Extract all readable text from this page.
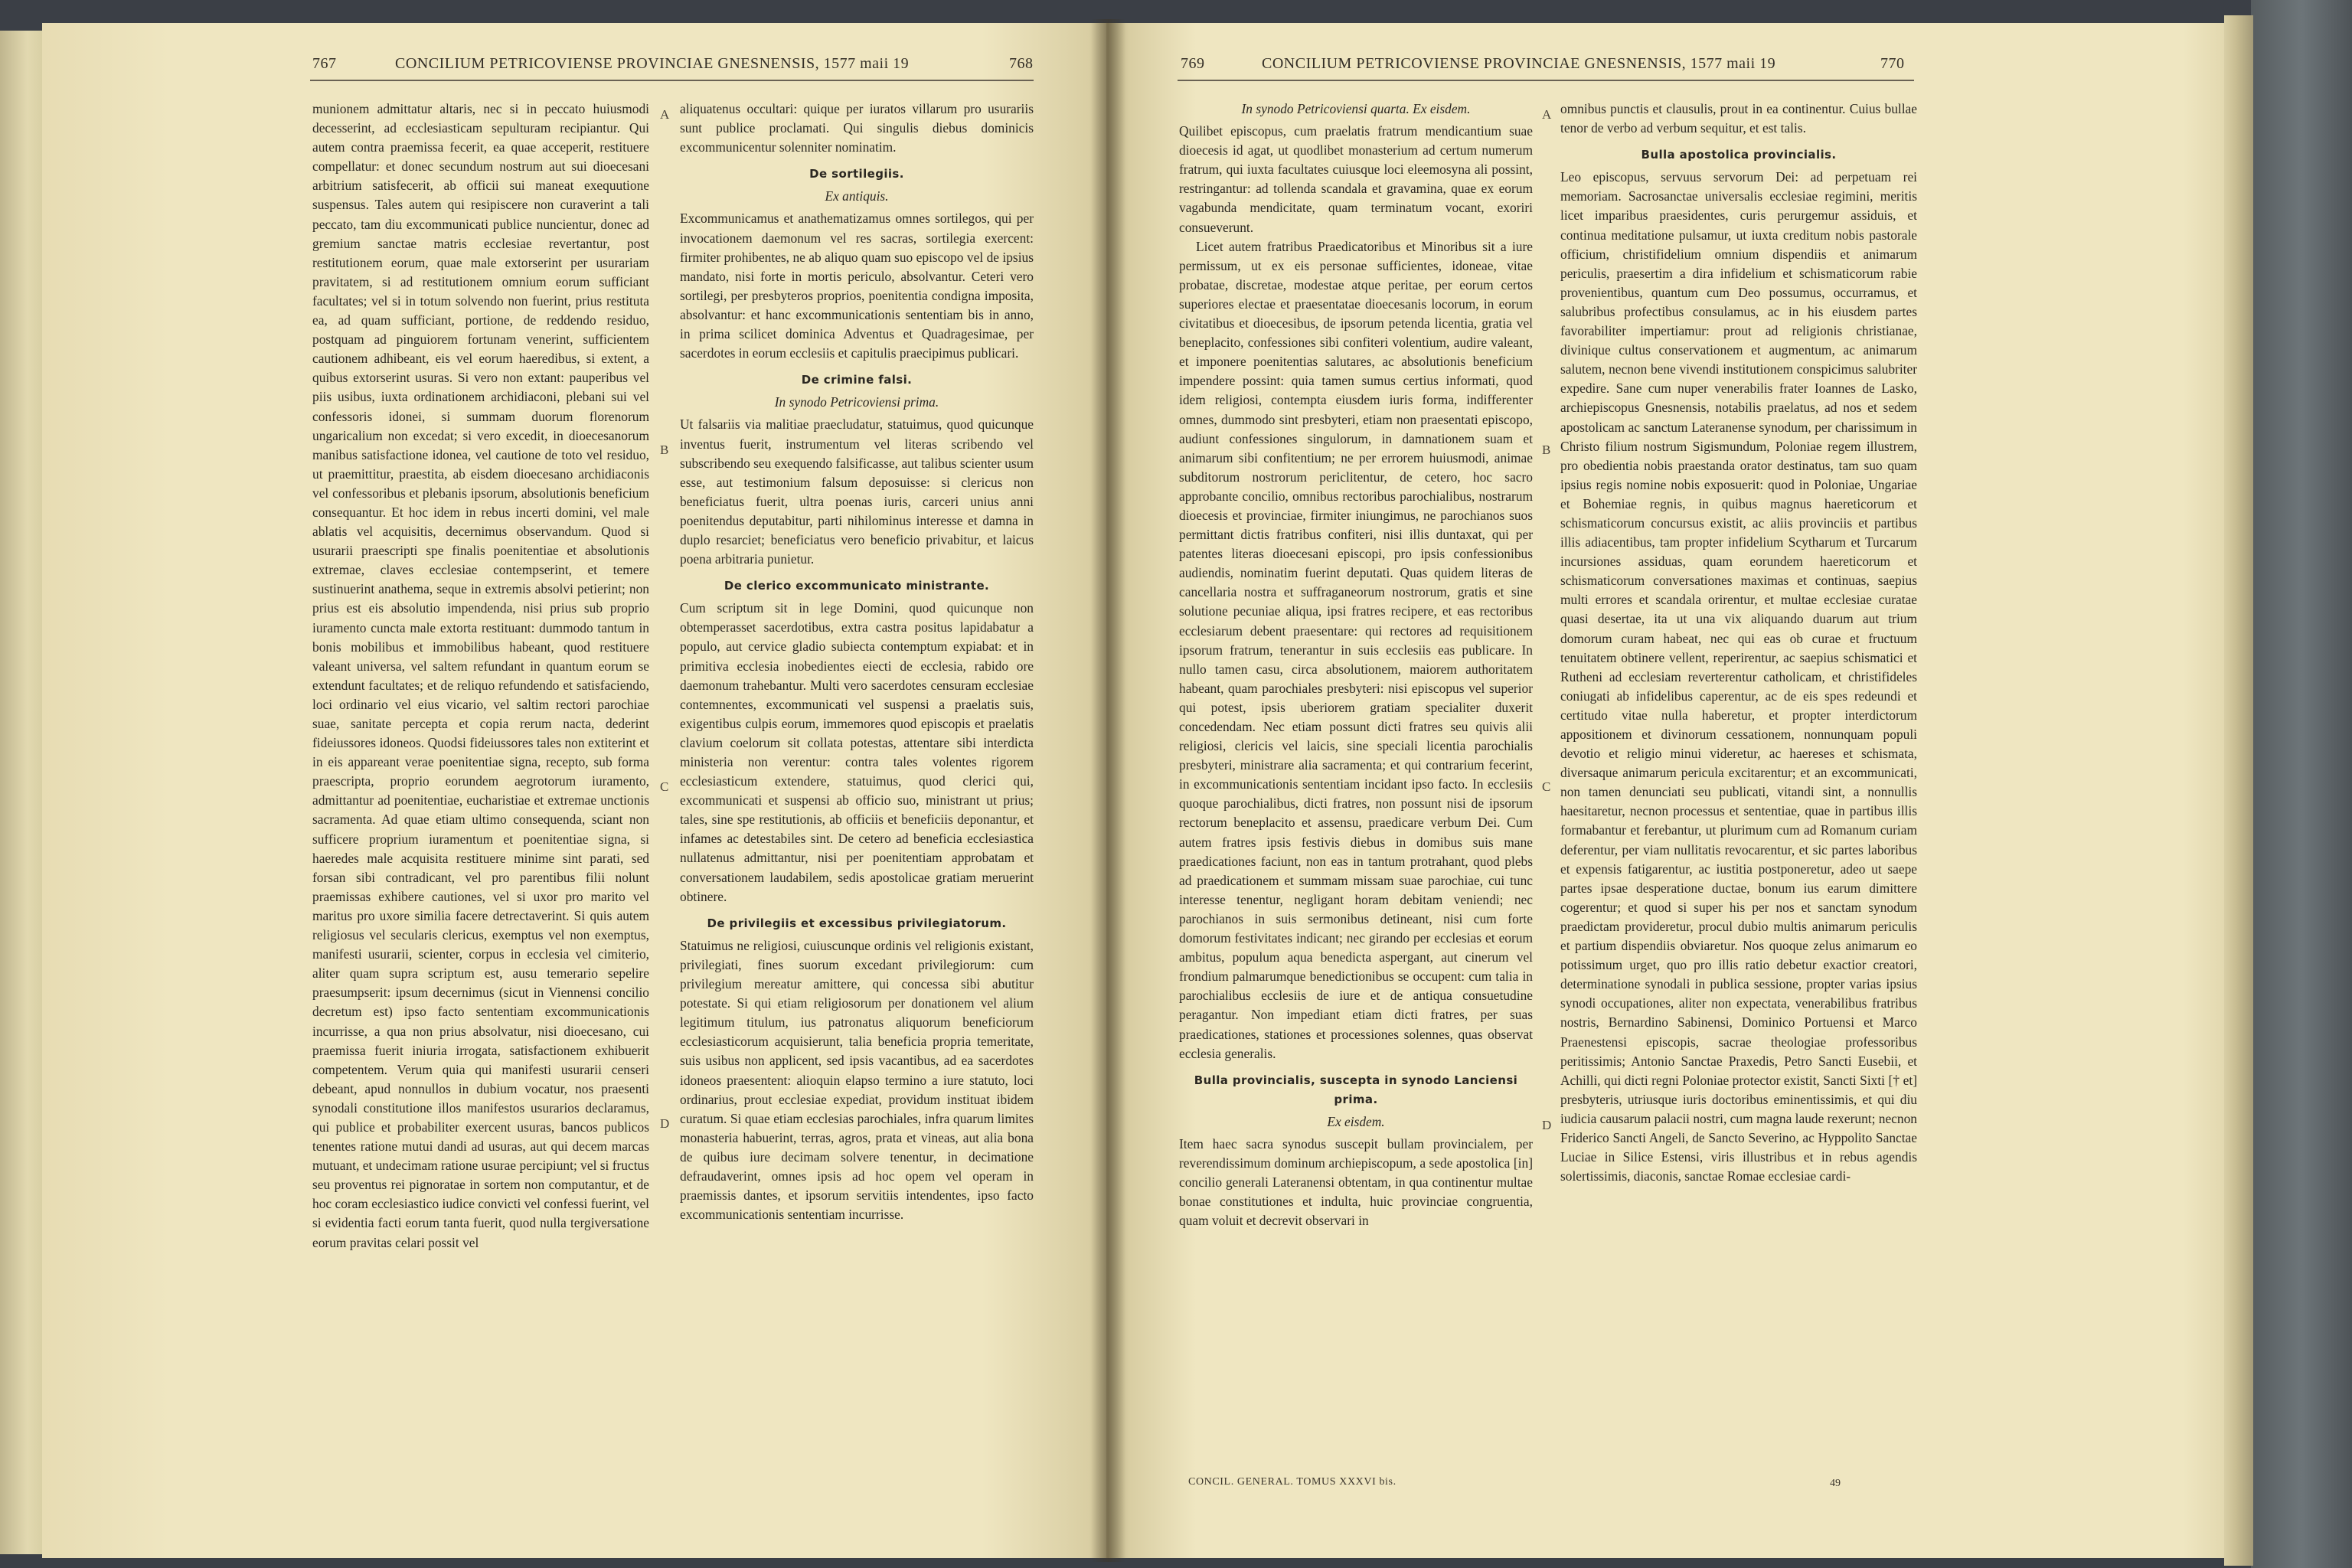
767	CONCILIUM PETRICOVIENSE PROVINCIAE GNESNENSIS, 1577 maii 19	768	769	CONCILIUM PETRICOVIENSE PROVINCIAE GNESNENSIS, 1577 maii 19	770

munionem admittatur altaris, nec si in peccato huiusmodi decesserint, ad ecclesiasticam sepulturam recipiantur. Qui autem contra praemissa fecerit, ea quae acceperit, restituere compellatur: et donec secundum nostrum aut sui dioecesani arbitrium satisfecerit, ab officii sui maneat exequutione suspensus. Tales autem qui resipiscere non curaverint a tali peccato, tam diu excommunicati publice nuncientur, donec ad gremium sanctae matris ecclesiae revertantur, post restitutionem eorum, quae male extorserint per usurariam pravitatem, si ad restitutionem omnium eorum sufficiant facultates; vel si in totum solvendo non fuerint, prius restituta ea, ad quam sufficiant, portione, de reddendo residuo, postquam ad pinguiorem fortunam venerint, sufficientem cautionem adhibeant, eis vel eorum haeredibus, si extent, a quibus extorserint usuras. Si vero non extant: pauperibus vel piis usibus, iuxta ordinationem archidiaconi, plebani sui vel confessoris idonei, si summam duorum florenorum ungaricalium non excedat; si vero excedit, in dioecesanorum manibus satisfactione idonea, vel cautione de toto vel residuo, ut praemittitur, praestita, ab eisdem dioecesano archidiaconis vel confessoribus et plebanis ipsorum, absolutionis beneficium consequantur. Et hoc idem in rebus incerti domini, vel male ablatis vel acquisitis, decernimus observandum. Quod si usurarii praescripti spe finalis poenitentiae et absolutionis extremae, claves ecclesiae contempserint, et temere sustinuerint anathema, seque in extremis absolvi petierint; non prius est eis absolutio impendenda, nisi prius sub proprio iuramento cuncta male extorta restituant: dummodo tantum in bonis mobilibus et immobilibus habeant, quod restituere valeant universa, vel saltem refundant in quantum eorum se extendunt facultates; et de reliquo refundendo et satisfaciendo, loci ordinario vel eius vicario, vel saltim rectori parochiae suae, sanitate percepta et copia rerum nacta, dederint fideiussores idoneos. Quodsi fideiussores tales non extiterint et in eis appareant verae poenitentiae signa, recepto, sub forma praescripta, proprio eorundem aegrotorum iuramento, admittantur ad poenitentiae, eucharistiae et extremae unctionis sacramenta. Ad quae etiam ultimo consequenda, sciant non sufficere proprium iuramentum et poenitentiae signa, si haeredes male acquisita restituere minime sint parati, sed forsan sibi contradicant, vel pro parentibus filii nolunt praemissas exhibere cautiones, vel si uxor pro marito vel maritus pro uxore similia facere detrectaverint. Si quis autem religiosus vel secularis clericus, exemptus vel non exemptus, manifesti usurarii, scienter, corpus in ecclesia vel cimiterio, aliter quam supra scriptum est, ausu temerario sepelire praesumpserit: ipsum decernimus (sicut in Viennensi concilio decretum est) ipso facto sententiam excommunicationis incurrisse, a qua non prius absolvatur, nisi dioecesano, cui praemissa fuerit iniuria irrogata, satisfactionem exhibuerit competentem. Verum quia qui manifesti usurarii censeri debeant, apud nonnullos in dubium vocatur, nos praesenti synodali constitutione illos manifestos usurarios declaramus, qui publice et probabiliter exercent usuras, bancos publicos tenentes ratione mutui dandi ad usuras, aut qui decem marcas mutuant, et undecimam ratione usurae percipiunt; vel si fructus seu proventus rei pignoratae in sortem non computantur, et de hoc coram ecclesiastico iudice convicti vel confessi fuerint, vel si evidentia facti eorum tanta fuerit, quod nulla tergiversatione eorum pravitas celari possit vel

aliquatenus occultari: quique per iuratos villarum pro usurariis sunt publice proclamati. Qui singulis diebus dominicis excommunicentur solenniter nominatim.

De sortilegiis.
Ex antiquis.

Excommunicamus et anathematizamus omnes sortilegos, qui per invocationem daemonum vel res sacras, sortilegia exercent: firmiter prohibentes, ne ab aliquo quam suo episcopo vel de ipsius mandato, nisi forte in mortis periculo, absolvantur. Ceteri vero sortilegi, per presbyteros proprios, poenitentia condigna imposita, absolvantur: et hanc excommunicationis sententiam bis in anno, in prima scilicet dominica Adventus et Quadragesimae, per sacerdotes in eorum ecclesiis et capitulis praecipimus publicari.

De crimine falsi.
In synodo Petricoviensi prima.

Ut falsariis via malitiae praecludatur, statuimus, quod quicunque inventus fuerit, instrumentum vel literas scribendo vel subscribendo seu exequendo falsificasse, aut talibus scienter usum esse, aut testimonium falsum deposuisse: si clericus non beneficiatus fuerit, ultra poenas iuris, carceri unius anni poenitendus deputabitur, parti nihilominus interesse et damna in duplo resarciet; beneficiatus vero beneficio privabitur, et laicus poena arbitraria punietur.

De clerico excommunicato ministrante.

Cum scriptum sit in lege Domini, quod quicunque non obtemperasset sacerdotibus, extra castra positus lapidabatur a populo, aut cervice gladio subiecta contemptum expiabat: et in primitiva ecclesia inobedientes eiecti de ecclesia, rabido ore daemonum trahebantur. Multi vero sacerdotes censuram ecclesiae contemnentes, excommunicati vel suspensi a praelatis suis, exigentibus culpis eorum, immemores quod episcopis et praelatis clavium coelorum sit collata potestas, attentare sibi interdicta ministeria non verentur: contra tales volentes rigorem ecclesiasticum extendere, statuimus, quod clerici qui, excommunicati et suspensi ab officio suo, ministrant ut prius; tales, sine spe restitutionis, ab officiis et beneficiis deponantur, et infames ac detestabiles sint. De cetero ad beneficia ecclesiastica nullatenus admittantur, nisi per poenitentiam approbatam et conversationem laudabilem, sedis apostolicae gratiam meruerint obtinere.

De privilegiis et excessibus privilegiatorum.

Statuimus ne religiosi, cuiuscunque ordinis vel religionis existant, privilegiati, fines suorum excedant privilegiorum: cum privilegium mereatur amittere, qui concessa sibi abutitur potestate. Si qui etiam religiosorum per donationem vel alium legitimum titulum, ius patronatus aliquorum beneficiorum ecclesiasticorum acquisierunt, talia beneficia propria temeritate, suis usibus non applicent, sed ipsis vacantibus, ad ea sacerdotes idoneos praesentent: alioquin elapso termino a iure statuto, loci ordinarius, prout ecclesiae expediat, providum instituat ibidem curatum. Si quae etiam ecclesias parochiales, infra quarum limites monasteria habuerint, terras, agros, prata et vineas, aut alia bona de quibus iure decimam solvere tenentur, in decimatione defraudaverint, omnes ipsis ad hoc opem vel operam in praemissis dantes, et ipsorum servitiis intendentes, ipso facto excommunicationis sententiam incurrisse.

In synodo Petricoviensi quarta. Ex eisdem.

Quilibet episcopus, cum praelatis fratrum mendicantium suae dioecesis id agat, ut quodlibet monasterium ad certum numerum fratrum, qui iuxta facultates cuiusque loci eleemosyna ali possint, restringantur: ad tollenda scandala et gravamina, quae ex eorum vagabunda mendicitate, quam terminatum vocant, exoriri consueverunt.

Licet autem fratribus Praedicatoribus et Minoribus sit a iure permissum, ut ex eis personae sufficientes, idoneae, vitae probatae, discretae, modestae atque peritae, per eorum certos superiores electae et praesentatae dioecesanis locorum, in eorum civitatibus et dioecesibus, de ipsorum petenda licentia, gratia vel beneplacito, confessiones sibi confiteri volentium, audire valeant, et imponere poenitentias salutares, ac absolutionis beneficium impendere possint: quia tamen sumus certius informati, quod idem religiosi, contempta eiusdem iuris forma, indifferenter omnes, dummodo sint presbyteri, etiam non praesentati episcopo, audiunt confessiones singulorum, in damnationem suam et animarum sibi confitentium; ne per errorem huiusmodi, animae subditorum nostrorum periclitentur, de cetero, hoc sacro approbante concilio, omnibus rectoribus parochialibus, nostrarum dioecesis et provinciae, firmiter iniungimus, ne parochianos suos permittant dictis fratribus confiteri, nisi illis duntaxat, qui per patentes literas dioecesani episcopi, pro ipsis confessionibus audiendis, nominatim fuerint deputati. Quas quidem literas de cancellaria nostra et suffraganeorum nostrorum, gratis et sine solutione pecuniae aliqua, ipsi fratres recipere, et eas rectoribus ecclesiarum debent praesentare: qui rectores ad requisitionem ipsorum fratrum, tenerantur in suis ecclesiis eas publicare. In nullo tamen casu, circa absolutionem, maiorem authoritatem habeant, quam parochiales presbyteri: nisi episcopus vel superior qui potest, ipsis uberiorem gratiam specialiter duxerit concedendam. Nec etiam possunt dicti fratres seu quivis alii religiosi, clericis vel laicis, sine speciali licentia parochialis presbyteri, ministrare alia sacramenta; et qui contrarium fecerint, in excommunicationis sententiam incidant ipso facto. In ecclesiis quoque parochialibus, dicti fratres, non possunt nisi de ipsorum rectorum beneplacito et assensu, praedicare verbum Dei. Cum autem fratres ipsis festivis diebus in domibus suis mane praedicationes faciunt, non eas in tantum protrahant, quod plebs ad praedicationem et summam missam suae parochiae, cui tunc interesse tenentur, negligant horam debitam veniendi; nec parochianos in suis sermonibus detineant, nisi cum forte domorum festivitates indicant; nec girando per ecclesias et eorum ambitus, populum aqua benedicta aspergant, aut cinerum vel frondium palmarumque benedictionibus se occupent: cum talia in parochialibus ecclesiis de iure et de antiqua consuetudine peragantur. Non impediant etiam dicti fratres, per suas praedicationes, stationes et processiones solennes, quas observat ecclesia generalis.

Bulla provincialis, suscepta in synodo Lanciensi prima.
Ex eisdem.

Item haec sacra synodus suscepit bullam provincialem, per reverendissimum dominum archiepiscopum, a sede apostolica [in] concilio generali Lateranensi obtentam, in qua continentur multae bonae constitutiones et indulta, huic provinciae congruentia, quam voluit et decrevit observari in

omnibus punctis et clausulis, prout in ea continentur. Cuius bullae tenor de verbo ad verbum sequitur, et est talis.

Bulla apostolica provincialis.

Leo episcopus, servuus servorum Dei: ad perpetuam rei memoriam. Sacrosanctae universalis ecclesiae regimini, meritis licet imparibus praesidentes, curis perurgemur assiduis, et continua meditatione pulsamur, ut iuxta creditum nobis pastorale officium, christifidelium omnium dispendiis et animarum periculis, praesertim a dira infidelium et schismaticorum rabie provenientibus, quantum cum Deo possumus, occurramus, et salubribus profectibus consulamus, ac in his eiusdem partes favorabiliter impertiamur: prout ad religionis christianae, divinique cultus conservationem et augmentum, ac animarum salutem, necnon bene vivendi institutionem conspicimus salubriter expedire. Sane cum nuper venerabilis frater Ioannes de Lasko, archiepiscopus Gnesnensis, notabilis praelatus, ad nos et sedem apostolicam ac sanctum Lateranense synodum, per charissimum in Christo filium nostrum Sigismundum, Poloniae regem illustrem, pro obedientia nobis praestanda orator destinatus, tam suo quam ipsius regis nomine nobis exposuerit: quod in Poloniae, Ungariae et Bohemiae regnis, in quibus magnus haereticorum et schismaticorum concursus existit, ac aliis provinciis et partibus illis adiacentibus, tam propter infidelium Scytharum et Turcarum incursiones assiduas, quam eorundem haereticorum et schismaticorum conversationes maximas et continuas, saepius multi errores et scandala orirentur, et multae ecclesiae curatae quasi desertae, ita ut una vix aliquando duarum aut trium domorum curam habeat, nec qui eas ob curae et fructuum tenuitatem obtinere vellent, reperirentur, ac saepius schismatici et Rutheni ad ecclesiam reverterentur catholicam, et christifideles coniugati ab infidelibus caperentur, ac de eis spes redeundi et certitudo vitae nulla haberetur, et propter interdictorum appositionem et divinorum cessationem, nonnunquam populi devotio et religio minui videretur, ac haereses et schismata, diversaque animarum pericula excitarentur; et an excommunicati, non tamen denunciati seu publicati, vitandi sint, a nonnullis haesitaretur, necnon processus et sententiae, quae in partibus illis formabantur et ferebantur, ut plurimum cum ad Romanum curiam deferentur, per viam nullitatis revocarentur, et sic partes laboribus et expensis fatigarentur, ac iustitia postponeretur, adeo ut saepe partes ipsae desperatione ductae, bonum ius earum dimittere cogerentur; et quod si super his per nos et sanctam synodum praedictam provideretur, procul dubio multis animarum periculis et partium dispendiis obviaretur. Nos quoque zelus animarum eo potissimum urget, quo pro illis ratio debetur exactior creatori, determinatione synodali in publica sessione, propter varias ipsius synodi occupationes, aliter non expectata, venerabilibus fratribus nostris, Bernardino Sabinensi, Dominico Portuensi et Marco Praenestensi episcopis, sacrae theologiae professoribus peritissimis; Antonio Sanctae Praxedis, Petro Sancti Eusebii, et Achilli, qui dicti regni Poloniae protector existit, Sancti Sixti [† et] presbyteris, utriusque iuris doctoribus eminentissimis, et qui diu iudicia causarum palacii nostri, cum magna laude rexerunt; necnon Friderico Sancti Angeli, de Sancto Severino, ac Hyppolito Sanctae Luciae in Silice Estensi, viris illustribus et in rebus agendis solertissimis, diaconis, sanctae Romae ecclesiae cardi-

A
B
C
D
A
B
C
D
CONCIL. GENERAL. TOMUS XXXVI bis.	49
